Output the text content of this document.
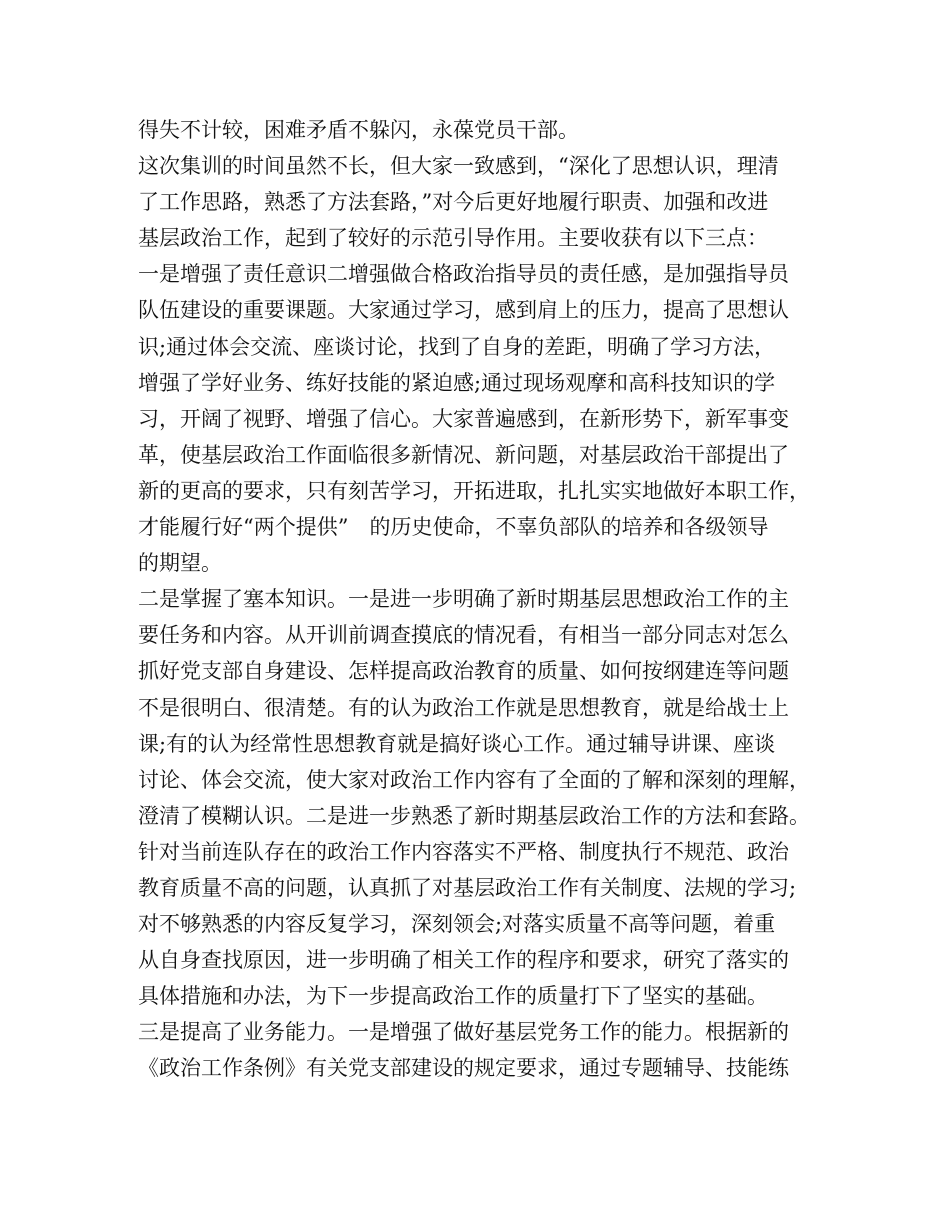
得失不计较，困难矛盾不躲闪，永葆党员干部。
这次集训的时间虽然不长，但大家一致感到，“深化了思想认识，理清
了工作思路，熟悉了方法套路，”对今后更好地履行职责、加强和改进
基层政治工作，起到了较好的示范引导作用。主要收获有以下三点：
一是增强了责任意识二增强做合格政治指导员的责任感，是加强指导员
队伍建设的重要课题。大家通过学习，感到肩上的压力，提高了思想认
识;通过体会交流、座谈讨论，找到了自身的差距，明确了学习方法，
增强了学好业务、练好技能的紧迫感;通过现场观摩和高科技知识的学
习，开阔了视野、增强了信心。大家普遍感到，在新形势下，新军事变
革，使基层政治工作面临很多新情况、新问题，对基层政治干部提出了
新的更高的要求，只有刻苦学习，开拓进取，扎扎实实地做好本职工作，
才能履行好“两个提供”　的历史使命，不辜负部队的培养和各级领导
的期望。
二是掌握了塞本知识。一是进一步明确了新时期基层思想政治工作的主
要任务和内容。从开训前调查摸底的情况看，有相当一部分同志对怎么
抓好党支部自身建设、怎样提高政治教育的质量、如何按纲建连等问题
不是很明白、很清楚。有的认为政治工作就是思想教育，就是给战士上
课;有的认为经常性思想教育就是搞好谈心工作。通过辅导讲课、座谈
讨论、体会交流，使大家对政治工作内容有了全面的了解和深刻的理解，
澄清了模糊认识。二是进一步熟悉了新时期基层政治工作的方法和套路。
针对当前连队存在的政治工作内容落实不严格、制度执行不规范、政治
教育质量不高的问题，认真抓了对基层政治工作有关制度、法规的学习;
对不够熟悉的内容反复学习，深刻领会;对落实质量不高等问题，着重
从自身查找原因，进一步明确了相关工作的程序和要求，研究了落实的
具体措施和办法，为下一步提高政治工作的质量打下了坚实的基础。
三是提高了业务能力。一是增强了做好基层党务工作的能力。根据新的
《政治工作条例》有关党支部建设的规定要求，通过专题辅导、技能练
